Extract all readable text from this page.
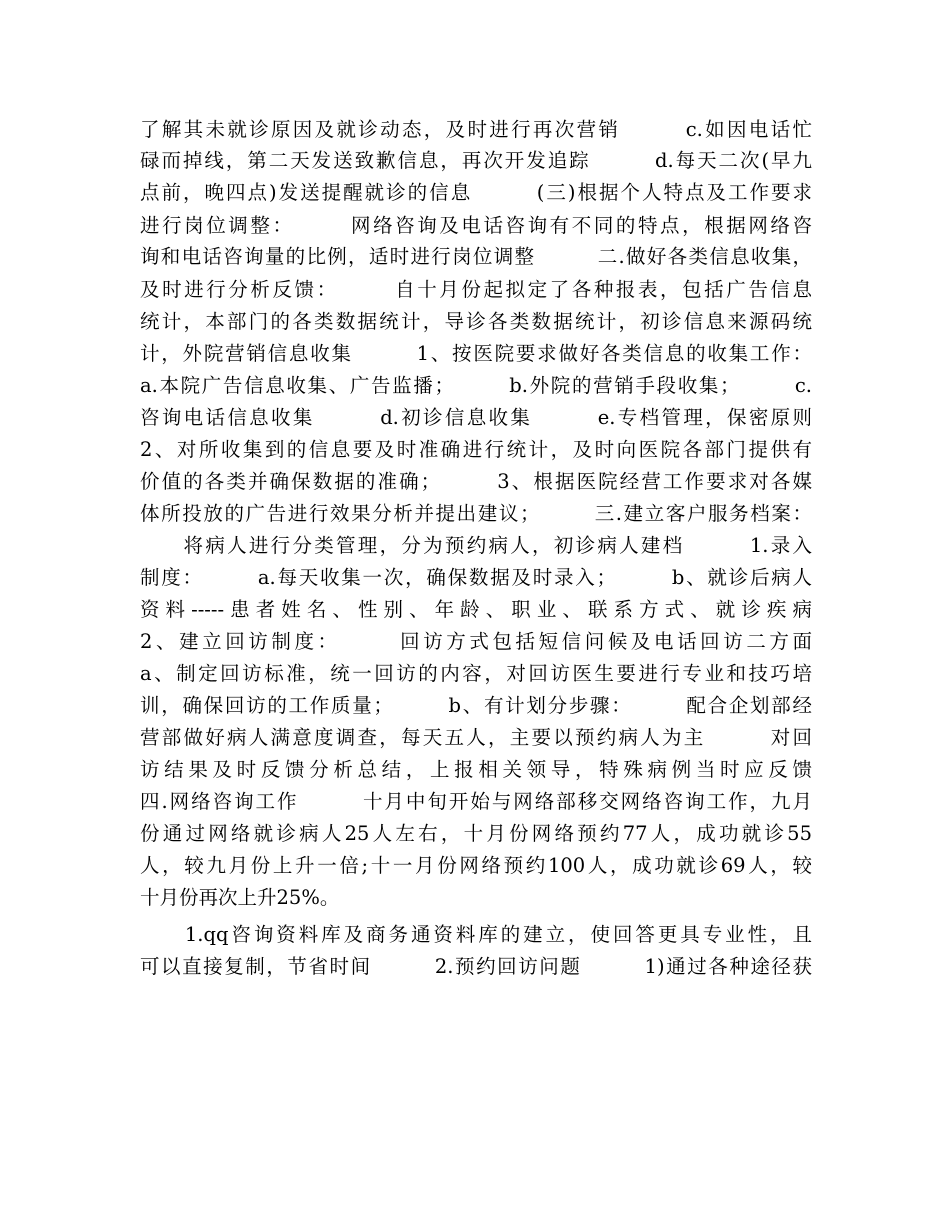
了解其未就诊原因及就诊动态，及时进行再次营销　　　c.如因电话忙
碌而掉线，第二天发送致歉信息，再次开发追踪　　　d.每天二次(早九
点前，晚四点)发送提醒就诊的信息　　　(三)根据个人特点及工作要求
进行岗位调整：　　　网络咨询及电话咨询有不同的特点，根据网络咨
询和电话咨询量的比例，适时进行岗位调整　　　二.做好各类信息收集，
及时进行分析反馈：　　　自十月份起拟定了各种报表，包括广告信息
统计，本部门的各类数据统计，导诊各类数据统计，初诊信息来源码统
计，外院营销信息收集　　　1、按医院要求做好各类信息的收集工作：
a.本院广告信息收集、广告监播；　　　b.外院的营销手段收集；　　　c.
咨询电话信息收集　　　d.初诊信息收集　　　e.专档管理，保密原则
2、对所收集到的信息要及时准确进行统计，及时向医院各部门提供有
价值的各类并确保数据的准确；　　　3、根据医院经营工作要求对各媒
体所投放的广告进行效果分析并提出建议；　　　三.建立客户服务档案：
　　将病人进行分类管理，分为预约病人，初诊病人建档　　　1.录入
制度：　　　a.每天收集一次，确保数据及时录入；　　　b、就诊后病人
资料-----患者姓名、性别、年龄、职业、联系方式、就诊疾病
2、建立回访制度：　　　回访方式包括短信问候及电话回访二方面
a、制定回访标准，统一回访的内容，对回访医生要进行专业和技巧培
训，确保回访的工作质量；　　　b、有计划分步骤：　　　配合企划部经
营部做好病人满意度调查，每天五人，主要以预约病人为主　　　对回
访结果及时反馈分析总结，上报相关领导，特殊病例当时应反馈
四.网络咨询工作　　　十月中旬开始与网络部移交网络咨询工作，九月
份通过网络就诊病人25人左右，十月份网络预约77人，成功就诊55
人，较九月份上升一倍;十一月份网络预约100人，成功就诊69人，较
十月份再次上升25%。
　　1.qq咨询资料库及商务通资料库的建立，使回答更具专业性，且
可以直接复制，节省时间　　　2.预约回访问题　　　1)通过各种途径获
